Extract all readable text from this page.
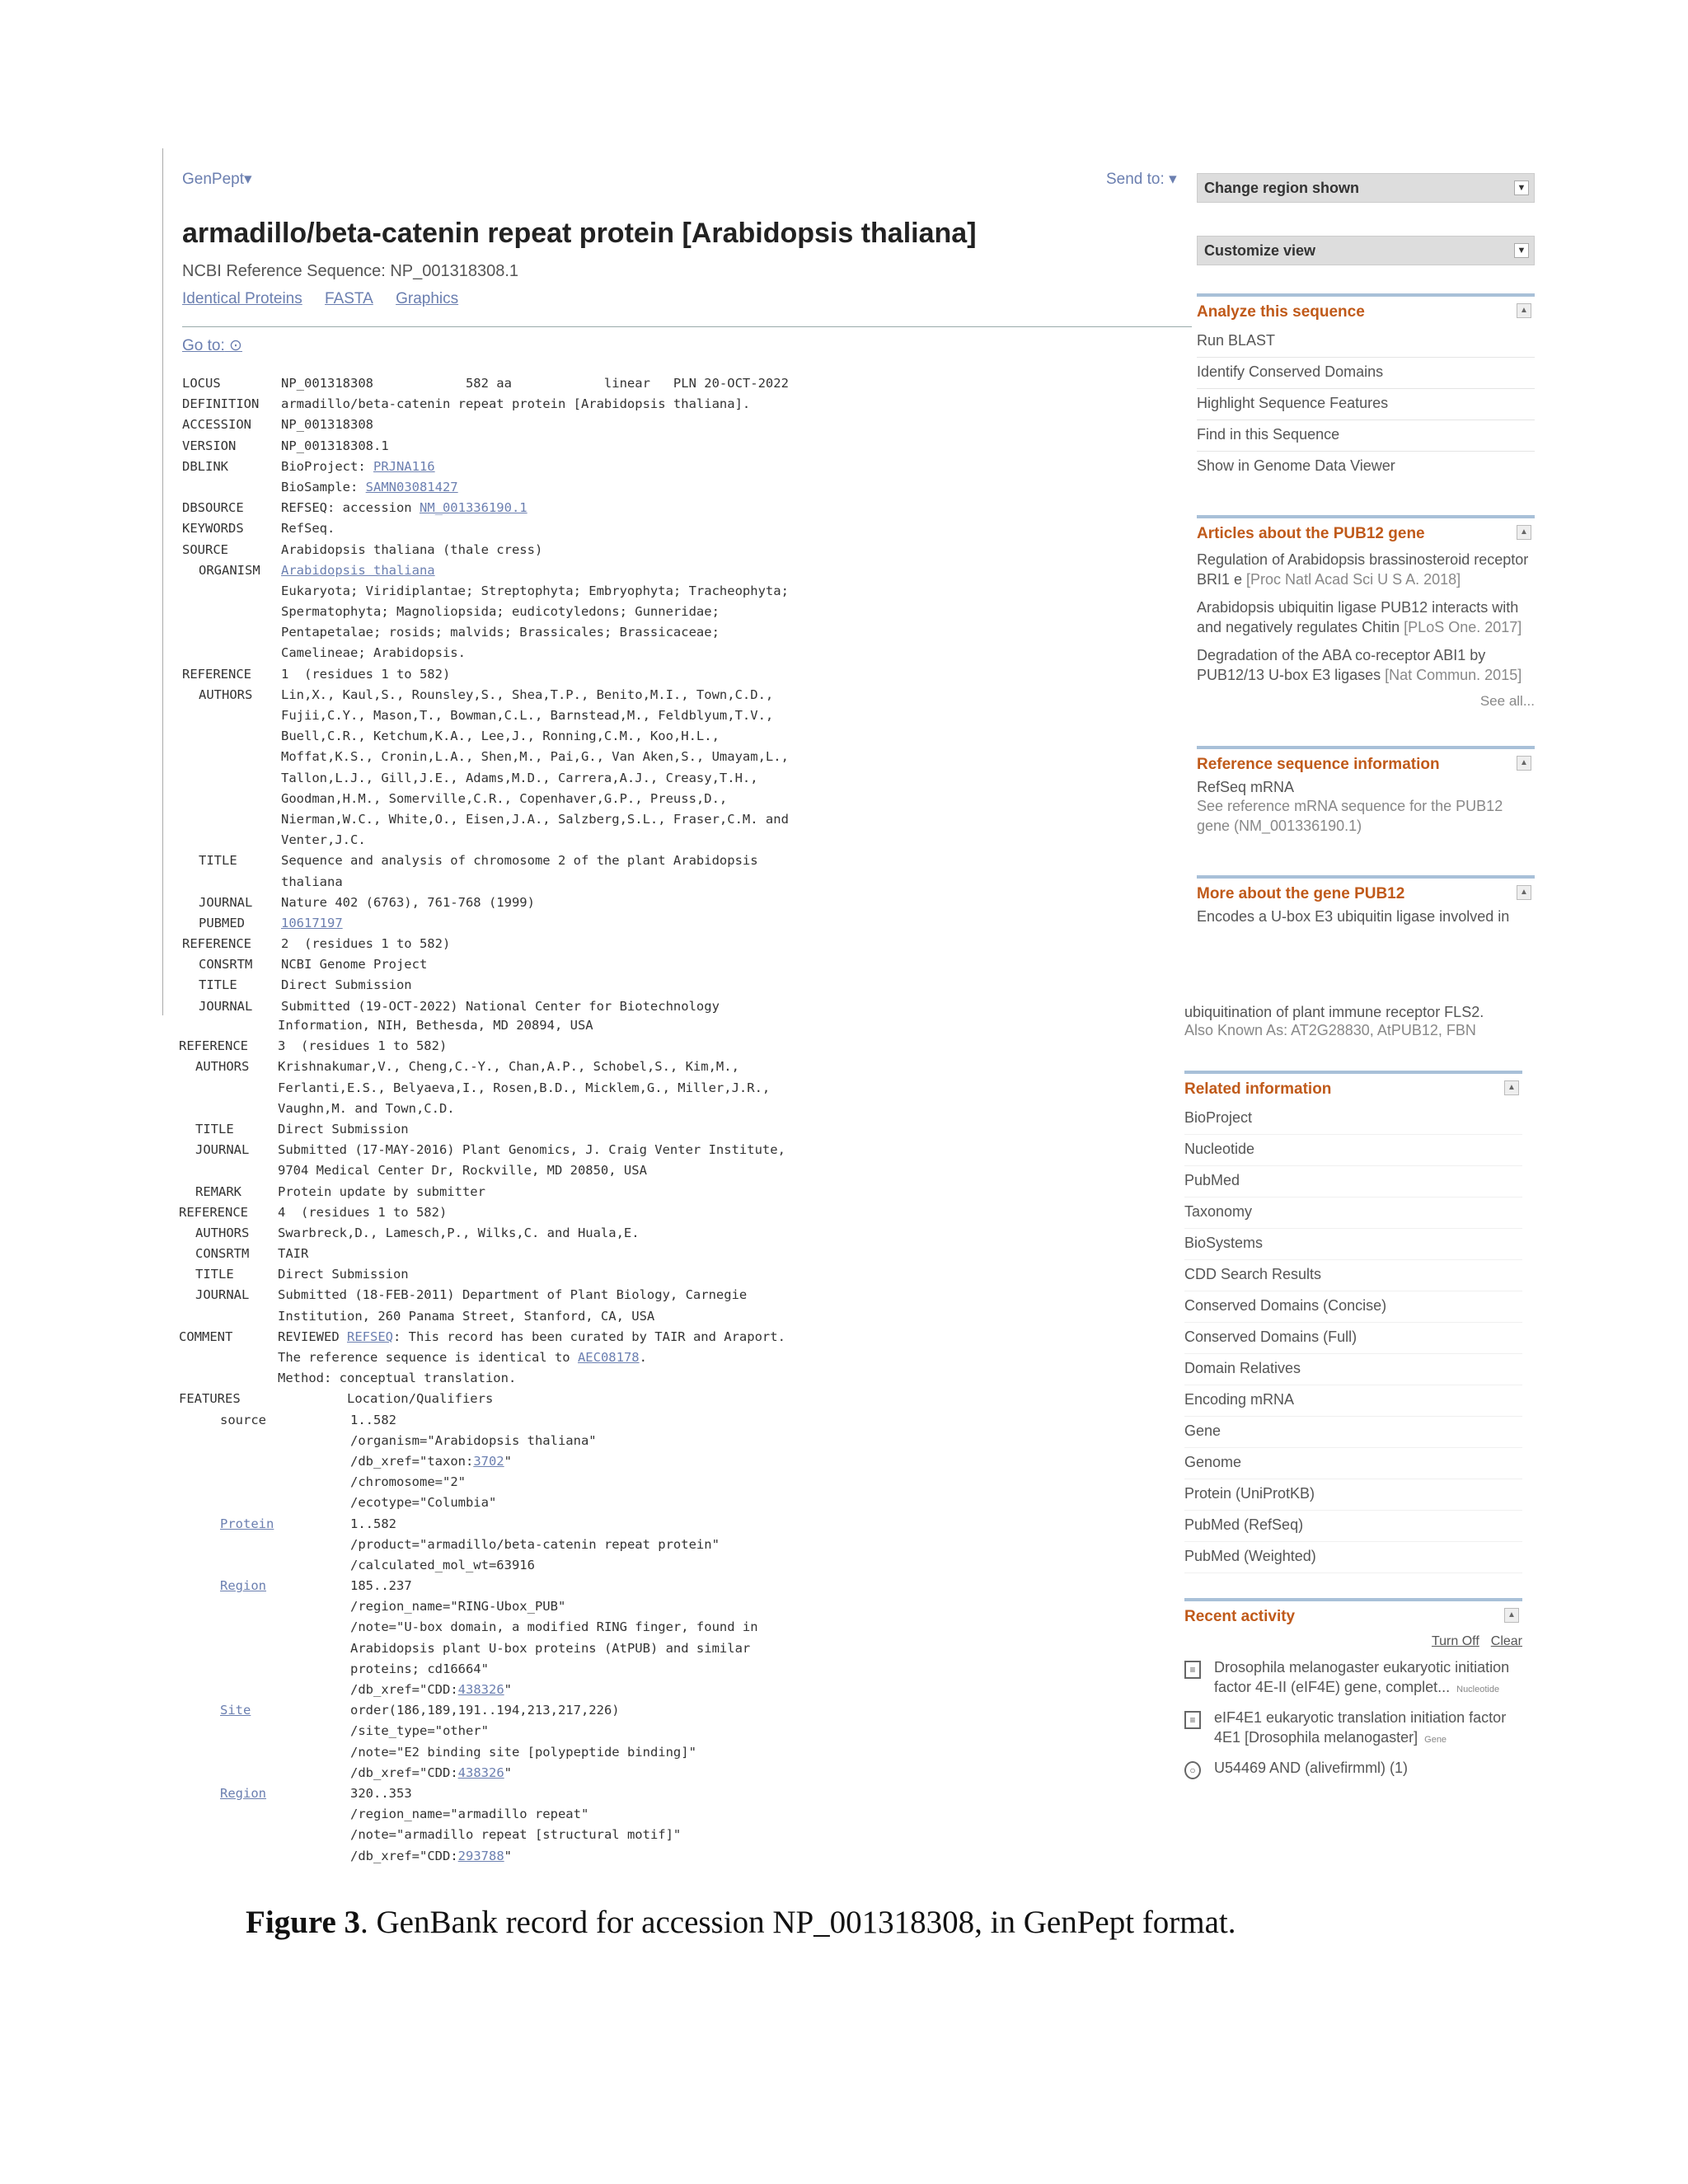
GenPept▾	Send to: ▾
armadillo/beta-catenin repeat protein [Arabidopsis thaliana]
NCBI Reference Sequence: NP_001318308.1
Identical Proteins FASTA Graphics
Go to: ⊙
LOCUS	NP_001318308            582 aa            linear   PLN 20-OCT-2022
DEFINITION	armadillo/beta-catenin repeat protein [Arabidopsis thaliana].
ACCESSION	NP_001318308
VERSION	NP_001318308.1
DBLINK	BioProject: PRJNA116
BioSample: SAMN03081427
DBSOURCE	REFSEQ: accession NM_001336190.1
KEYWORDS	RefSeq.
SOURCE	Arabidopsis thaliana (thale cress)
ORGANISM	Arabidopsis thaliana
Eukaryota; Viridiplantae; Streptophyta; Embryophyta; Tracheophyta;
Spermatophyta; Magnoliopsida; eudicotyledons; Gunneridae;
Pentapetalae; rosids; malvids; Brassicales; Brassicaceae;
Camelineae; Arabidopsis.
REFERENCE	1  (residues 1 to 582)
AUTHORS	Lin,X., Kaul,S., Rounsley,S., Shea,T.P., Benito,M.I., Town,C.D.,
Fujii,C.Y., Mason,T., Bowman,C.L., Barnstead,M., Feldblyum,T.V.,
Buell,C.R., Ketchum,K.A., Lee,J., Ronning,C.M., Koo,H.L.,
Moffat,K.S., Cronin,L.A., Shen,M., Pai,G., Van Aken,S., Umayam,L.,
Tallon,L.J., Gill,J.E., Adams,M.D., Carrera,A.J., Creasy,T.H.,
Goodman,H.M., Somerville,C.R., Copenhaver,G.P., Preuss,D.,
Nierman,W.C., White,O., Eisen,J.A., Salzberg,S.L., Fraser,C.M. and
Venter,J.C.
TITLE	Sequence and analysis of chromosome 2 of the plant Arabidopsis
thaliana
JOURNAL	Nature 402 (6763), 761-768 (1999)
PUBMED	10617197
REFERENCE	2  (residues 1 to 582)
CONSRTM	NCBI Genome Project
TITLE	Direct Submission
JOURNAL	Submitted (19-OCT-2022) National Center for Biotechnology
Change region shown	▼
Customize view	▼
Analyze this sequence	▲
Run BLAST
Identify Conserved Domains
Highlight Sequence Features
Find in this Sequence
Show in Genome Data Viewer
Articles about the PUB12 gene	▲
Regulation of Arabidopsis brassinosteroid receptor BRI1 e [Proc Natl Acad Sci U S A. 2018]
Arabidopsis ubiquitin ligase PUB12 interacts with and negatively regulates Chitin [PLoS One. 2017]
Degradation of the ABA co-receptor ABI1 by PUB12/13 U-box E3 ligases [Nat Commun. 2015]
See all...
Reference sequence information	▲
RefSeq mRNA
See reference mRNA sequence for the PUB12 gene (NM_001336190.1)
More about the gene PUB12	▲
Encodes a U-box E3 ubiquitin ligase involved in
Information, NIH, Bethesda, MD 20894, USA
REFERENCE	3  (residues 1 to 582)
AUTHORS	Krishnakumar,V., Cheng,C.-Y., Chan,A.P., Schobel,S., Kim,M.,
Ferlanti,E.S., Belyaeva,I., Rosen,B.D., Micklem,G., Miller,J.R.,
Vaughn,M. and Town,C.D.
TITLE	Direct Submission
JOURNAL	Submitted (17-MAY-2016) Plant Genomics, J. Craig Venter Institute,
9704 Medical Center Dr, Rockville, MD 20850, USA
REMARK	Protein update by submitter
REFERENCE	4  (residues 1 to 582)
AUTHORS	Swarbreck,D., Lamesch,P., Wilks,C. and Huala,E.
CONSRTM	TAIR
TITLE	Direct Submission
JOURNAL	Submitted (18-FEB-2011) Department of Plant Biology, Carnegie
Institution, 260 Panama Street, Stanford, CA, USA
COMMENT	REVIEWED REFSEQ : This record has been curated by TAIR and Araport.
The reference sequence is identical to AEC08178 .
Method: conceptual translation.
FEATURES	Location/Qualifiers
source	1..582
/organism="Arabidopsis thaliana"
/db_xref="taxon: 3702 "
/chromosome="2"
/ecotype="Columbia"
Protein	1..582
/product="armadillo/beta-catenin repeat protein"
/calculated_mol_wt=63916
Region	185..237
/region_name="RING-Ubox_PUB"
/note="U-box domain, a modified RING finger, found in
Arabidopsis plant U-box proteins (AtPUB) and similar
proteins; cd16664"
/db_xref="CDD: 438326 "
Site	order(186,189,191..194,213,217,226)
/site_type="other"
/note="E2 binding site [polypeptide binding]"
/db_xref="CDD: 438326 "
Region	320..353
/region_name="armadillo repeat"
/note="armadillo repeat [structural motif]"
/db_xref="CDD: 293788 "
ubiquitination of plant immune receptor FLS2.
Also Known As: AT2G28830, AtPUB12, FBN
Related information	▲
BioProject
Nucleotide
PubMed
Taxonomy
BioSystems
CDD Search Results
Conserved Domains (Concise)
Conserved Domains (Full)
Domain Relatives
Encoding mRNA
Gene
Genome
Protein (UniProtKB)
PubMed (RefSeq)
PubMed (Weighted)
Recent activity	▲
Turn Off Clear
≡	Drosophila melanogaster eukaryotic initiation factor 4E-II (eIF4E) gene, complet... Nucleotide
≡	eIF4E1 eukaryotic translation initiation factor 4E1 [Drosophila melanogaster] Gene
○	U54469 AND (alivefirmml) (1)
Figure 3. GenBank record for accession NP_001318308, in GenPept format.
